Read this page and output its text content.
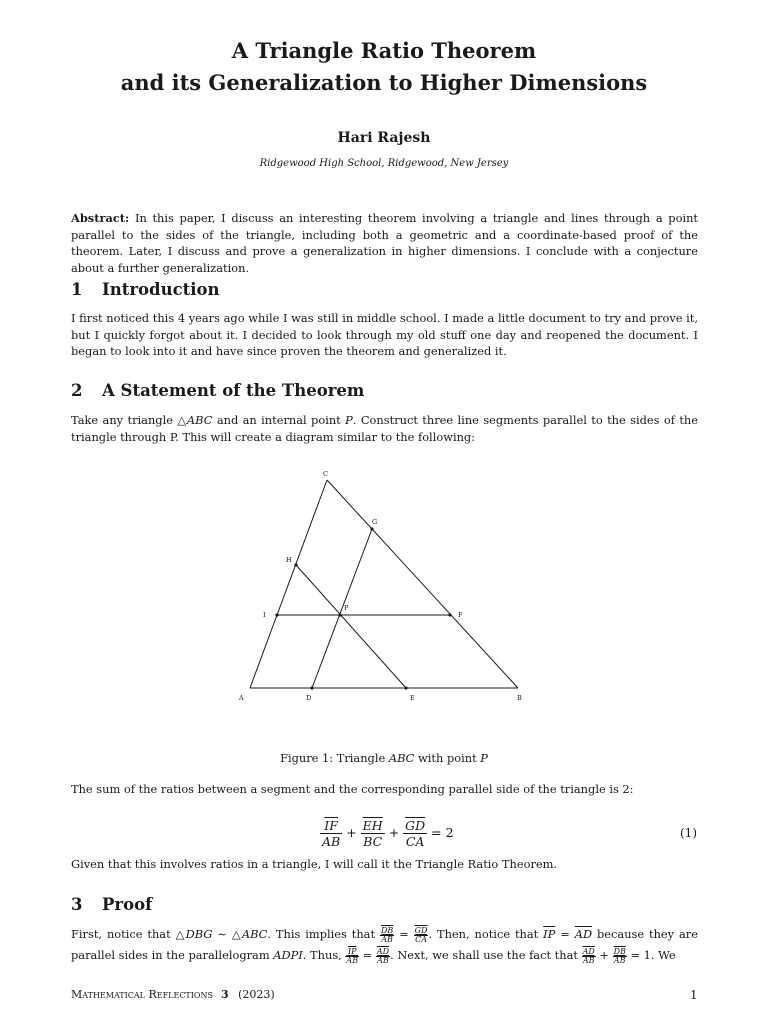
A Triangle Ratio Theorem
and its Generalization to Higher Dimensions
Hari Rajesh
Ridgewood High School, Ridgewood, New Jersey
Abstract: In this paper, I discuss an interesting theorem involving a triangle and lines through a point parallel to the sides of the triangle, including both a geometric and a coordinate-based proof of the theorem. Later, I discuss and prove a generalization in higher dimensions. I conclude with a conjecture about a further generalization.
1 Introduction
I first noticed this 4 years ago while I was still in middle school. I made a little document to try and prove it, but I quickly forgot about it. I decided to look through my old stuff one day and reopened the document. I began to look into it and have since proven the theorem and generalized it.
2 A Statement of the Theorem
Take any triangle △ABC and an internal point P. Construct three line segments parallel to the sides of the triangle through P. This will create a diagram similar to the following:
A	B
C
D	E
F
G
H
I
P
Figure 1: Triangle ABC with point P
The sum of the ratios between a segment and the corresponding parallel side of the triangle is 2:
$\frac{\overline{IF}}{AB} + \frac{\overline{EH}}{BC} + \frac{\overline{GD}}{CA} = 2$	(1)
Given that this involves ratios in a triangle, I will call it the Triangle Ratio Theorem.
3 Proof
First, notice that △DBG ∼ △ABC. This implies that $\frac{\overline{DB}}{AB} = \frac{\overline{GD}}{CA}$ . Then, notice that $\overline{IP} = \overline{AD}$ because they are parallel sides in the parallelogram ADPI. Thus, $\frac{\overline{IP}}{AB} = \frac{\overline{AD}}{AB}$ . Next, we shall use the fact that $\frac{\overline{AD}}{AB} + \frac{\overline{DB}}{AB} = 1$. We
Mathematical Reflections 3 (2023)	1
